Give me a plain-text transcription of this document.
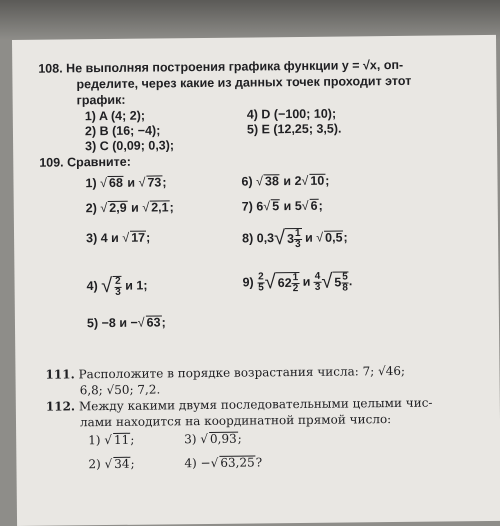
108. Не выполняя построения графика функции y = √x, оп-
ределите, через какие из данных точек проходит этот
график:
1) A (4; 2);
2) B (16; −4);
3) C (0,09; 0,3);
4) D (−100; 10);
5) E (12,25; 3,5).
109. Сравните:
1) √ 68 и √ 73;
2) √ 2,9 и √ 2,1;
3) 4 и √ 17;
4) √ $\frac{2}{3}$ и 1;
5) −8 и −√ 63;
6) √ 38 и 2√ 10;
7) 6√ 5 и 5√ 6;
8) 0,3√ $3 \frac{1}{3}$ и √ 0,5;
$9) \frac{2}{5}$ √ $62 \frac{1}{2}$ и $\frac{4}{3}$ √ $5 \frac{5}{8}$ .
111. Расположите в порядке возрастания числа: 7; √46;
6,8; √50; 7,2.
112. Между какими двумя последовательными целыми чис-
лами находится на координатной прямой число:
1) √ 11;
2) √ 34;
3) √ 0,93;
4) −√ 63,25?
